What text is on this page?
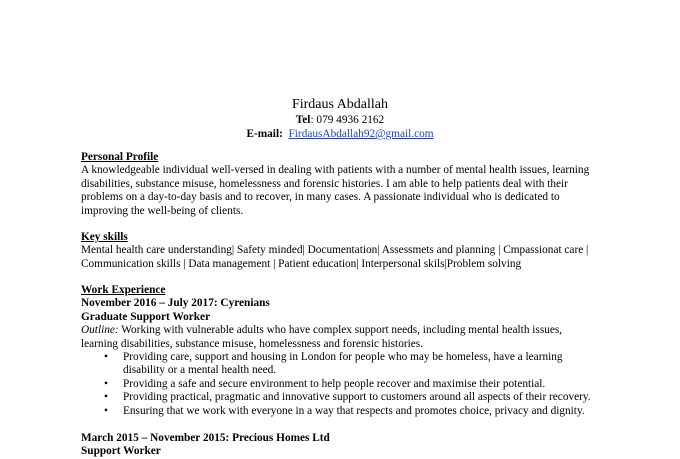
Firdaus Abdallah
Tel: 079 4936 2162
E-mail: FirdausAbdallah92@gmail.com
Personal Profile

A knowledgeable individual well-versed in dealing with patients with a number of mental health issues, learning disabilities, substance misuse, homelessness and forensic histories. I am able to help patients deal with their problems on a day-to-day basis and to recover, in many cases. A passionate individual who is dedicated to improving the well-being of clients.

Key skills

Mental health care understanding| Safety minded| Documentation| Assessmets and planning | Cmpassionat care | Communication skills | Data management | Patient education| Interpersonal skils|Problem solving

Work Experience
November 2016 – July 2017: Cyrenians
Graduate Support Worker

Outline: Working with vulnerable adults who have complex support needs, including mental health issues, learning disabilities, substance misuse, homelessness and forensic histories.

• Providing care, support and housing in London for people who may be homeless, have a learning disability or a mental health need.
• Providing a safe and secure environment to help people recover and maximise their potential.
• Providing practical, pragmatic and innovative support to customers around all aspects of their recovery.
• Ensuring that we work with everyone in a way that respects and promotes choice, privacy and dignity.
March 2015 – November 2015: Precious Homes Ltd
Support Worker
